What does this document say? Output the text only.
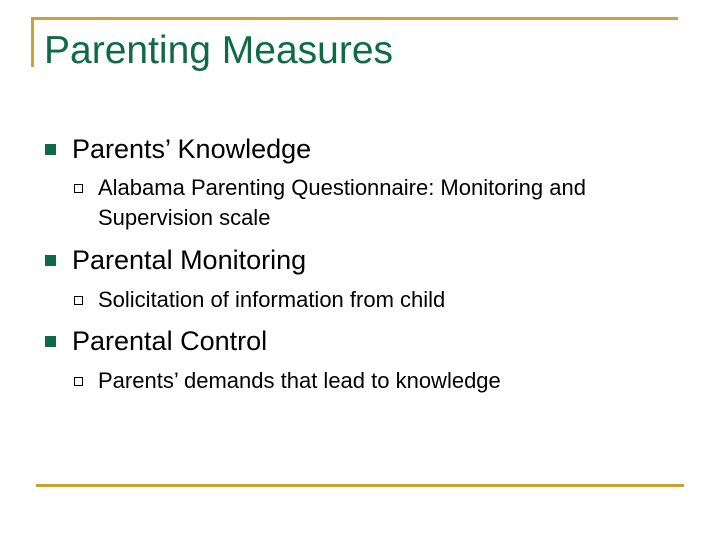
Parenting Measures
Parents’ Knowledge
Alabama Parenting Questionnaire: Monitoring and Supervision scale
Parental Monitoring
Solicitation of information from child
Parental Control
Parents’ demands that lead to knowledge
